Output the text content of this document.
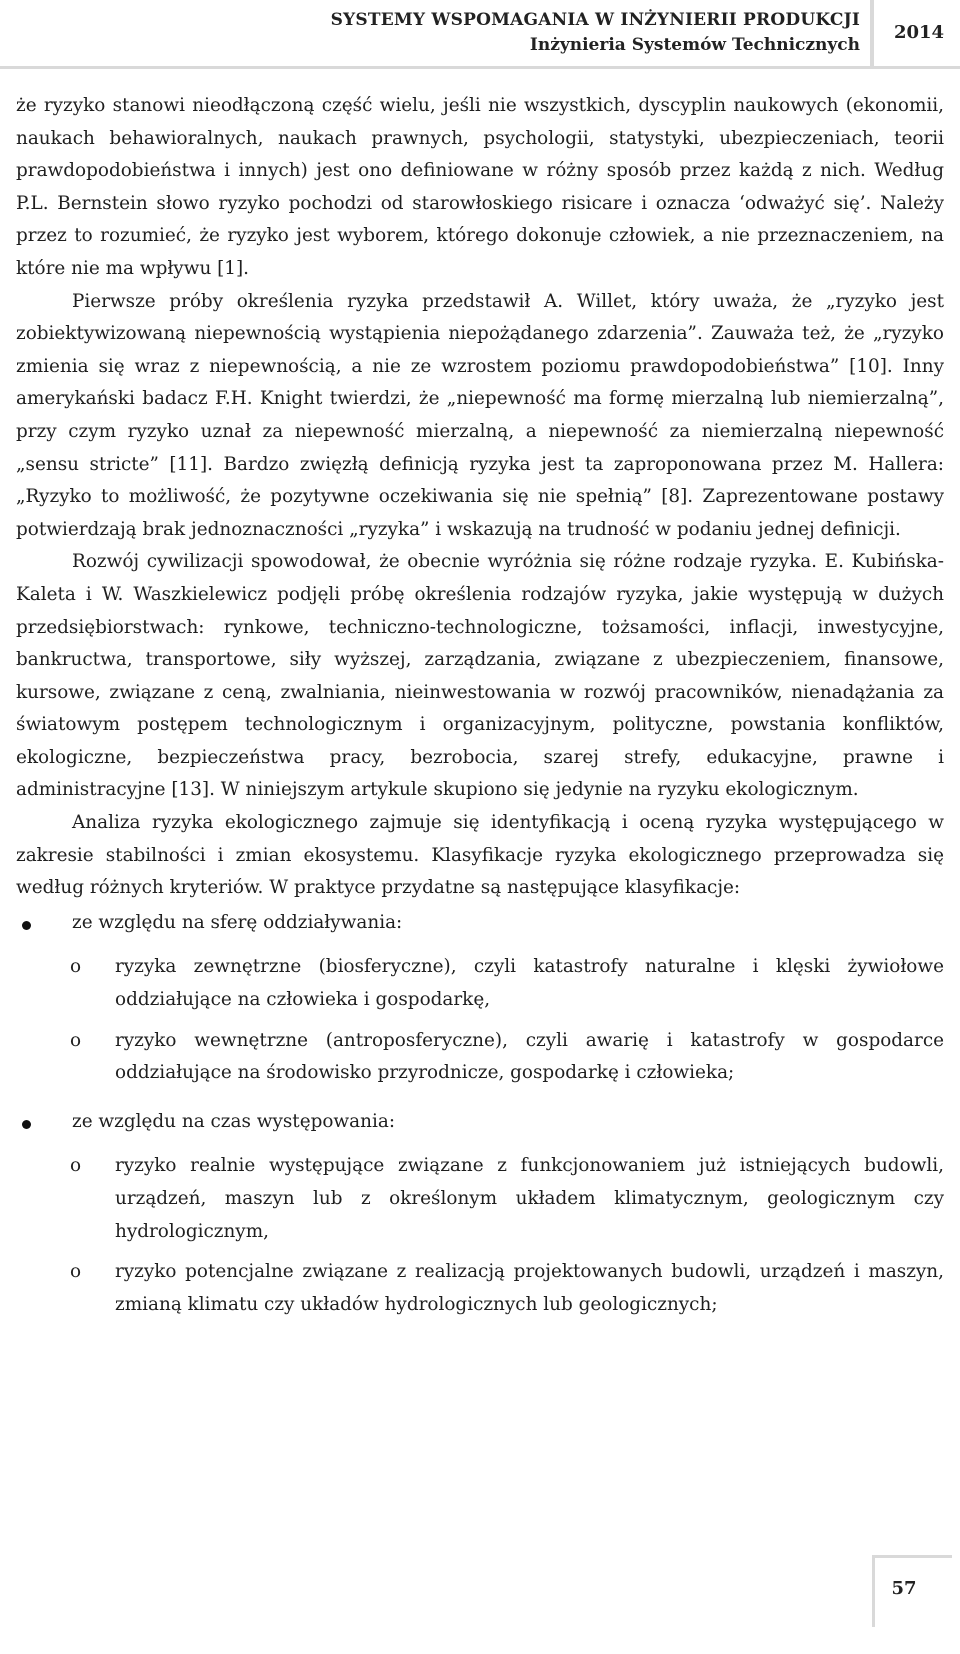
SYSTEMY WSPOMAGANIA W INŻYNIERII PRODUKCJI
Inżynieria Systemów Technicznych
2014

że ryzyko stanowi nieodłączoną część wielu, jeśli nie wszystkich, dyscyplin naukowych (ekonomii, naukach behawioralnych, naukach prawnych, psychologii, statystyki, ubezpieczeniach, teorii prawdopodobieństwa i innych) jest ono definiowane w różny sposób przez każdą z nich. Według P.L. Bernstein słowo ryzyko pochodzi od starowłoskiego risicare i oznacza ‘odważyć się’. Należy przez to rozumieć, że ryzyko jest wyborem, którego dokonuje człowiek, a nie przeznaczeniem, na które nie ma wpływu [1].

Pierwsze próby określenia ryzyka przedstawił A. Willet, który uważa, że „ryzyko jest zobiektywizowaną niepewnością wystąpienia niepożądanego zdarzenia”. Zauważa też, że „ryzyko zmienia się wraz z niepewnością, a nie ze wzrostem poziomu prawdopodobieństwa” [10]. Inny amerykański badacz F.H. Knight twierdzi, że „niepewność ma formę mierzalną lub niemierzalną”, przy czym ryzyko uznał za niepewność mierzalną, a niepewność za niemierzalną niepewność „sensu stricte” [11]. Bardzo zwięzłą definicją ryzyka jest ta zaproponowana przez M. Hallera: „Ryzyko to możliwość, że pozytywne oczekiwania się nie spełnią” [8]. Zaprezentowane postawy potwierdzają brak jednoznaczności „ryzyka” i wskazują na trudność w podaniu jednej definicji.

Rozwój cywilizacji spowodował, że obecnie wyróżnia się różne rodzaje ryzyka. E. Kubińska-Kaleta i W. Waszkielewicz podjęli próbę określenia rodzajów ryzyka, jakie występują w dużych przedsiębiorstwach: rynkowe, techniczno-technologiczne, tożsamości, inflacji, inwestycyjne, bankructwa, transportowe, siły wyższej, zarządzania, związane z ubezpieczeniem, finansowe, kursowe, związane z ceną, zwalniania, nieinwestowania w rozwój pracowników, nienadążania za światowym postępem technologicznym i organizacyjnym, polityczne, powstania konfliktów, ekologiczne, bezpieczeństwa pracy, bezrobocia, szarej strefy, edukacyjne, prawne i administracyjne [13]. W niniejszym artykule skupiono się jedynie na ryzyku ekologicznym.

Analiza ryzyka ekologicznego zajmuje się identyfikacją i oceną ryzyka występującego w zakresie stabilności i zmian ekosystemu. Klasyfikacje ryzyka ekologicznego przeprowadza się według różnych kryteriów. W praktyce przydatne są następujące klasyfikacje:

ze względu na sferę oddziaływania:
o ryzyka zewnętrzne (biosferyczne), czyli katastrofy naturalne i klęski żywiołowe oddziałujące na człowieka i gospodarkę,
o ryzyko wewnętrzne (antroposferyczne), czyli awarię i katastrofy w gospodarce oddziałujące na środowisko przyrodnicze, gospodarkę i człowieka;
ze względu na czas występowania:
o ryzyko realnie występujące związane z funkcjonowaniem już istniejących budowli, urządzeń, maszyn lub z określonym układem klimatycznym, geologicznym czy hydrologicznym,
o ryzyko potencjalne związane z realizacją projektowanych budowli, urządzeń i maszyn, zmianą klimatu czy układów hydrologicznych lub geologicznych;
57
